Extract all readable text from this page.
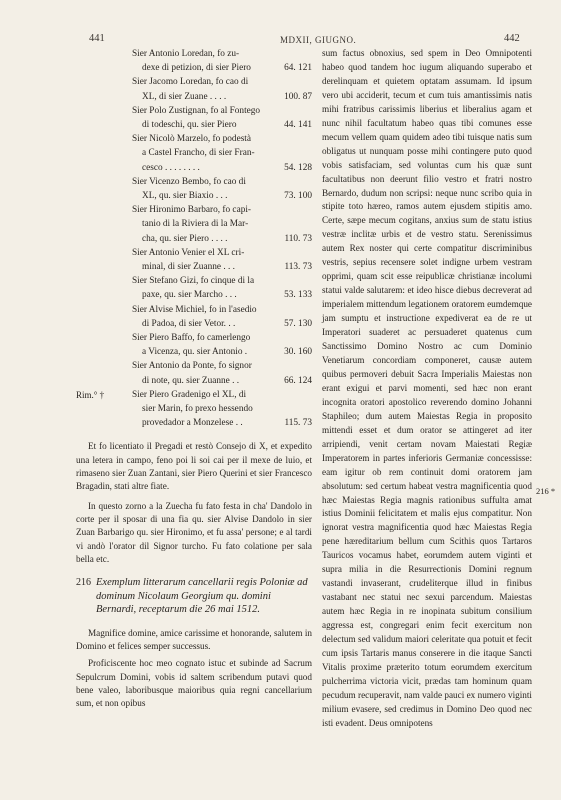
441	MDXII, GIUGNO.	442
Sier Antonio Loredan, fo zu-
dexe di petizion, di sier Piero	64. 121
Sier Jacomo Loredan, fo cao di
XL, di sier Zuane . . . .	100. 87
Sier Polo Zustignan, fo al Fontego
di todeschi, qu. sier Piero	44. 141
Sier Nicolò Marzelo, fo podestà
a Castel Francho, di sier Fran-
cesco . . . . . . . .	54. 128
Sier Vicenzo Bembo, fo cao di
XL, qu. sier Biaxio . . .	73. 100
Sier Hironimo Barbaro, fo capi-
tanio di la Riviera di la Mar-
cha, qu. sier Piero . . . .	110. 73
Sier Antonio Venier el XL cri-
minal, di sier Zuanne . . .	113. 73
Sier Stefano Gizi, fo cinque di la
paxe, qu. sier Marcho . . .	53. 133
Sier Alvise Michiel, fo in l'asedio
di Padoa, di sier Vetor. . .	57. 130
Sier Piero Baffo, fo camerlengo
a Vicenza, qu. sier Antonio .	30. 160
Sier Antonio da Ponte, fo signor
di note, qu. sier Zuanne . .	66. 124
Rim.° †	Sier Piero Gradenigo el XL, di
sier Marin, fo prexo hessendo
provedador a Monzelese . .	115. 73

Et fo licentiato il Pregadi et restò Consejo di X, et expedito una letera in campo, feno poi li soi cai per il mexe de luio, et rimaseno sier Zuan Zantani, sier Piero Querini et sier Francesco Bragadin, stati altre fiate.

In questo zorno a la Zuecha fu fato festa in cha' Dandolo in corte per il sposar di una fia qu. sier Alvise Dandolo in sier Zuan Barbarigo qu. sier Hironimo, et fu assa' persone; e al tardi vi andò l'orator dil Signor turcho. Fu fato colatione per sala bella etc.

216 Exemplum litterarum cancellarii regis Poloniæ ad dominum Nicolaum Georgium qu. domini Bernardi, receptarum die 26 mai 1512.

Magnifice domine, amice carissime et honorande, salutem in Domino et felices semper successus.

Proficiscente hoc meo cognato istuc et subinde ad Sacrum Sepulcrum Domini, vobis id saltem scribendum putavi quod bene valeo, laboribusque maioribus quia regni cancellarium sum, et non opibus

sum factus obnoxius, sed spem in Deo Omnipotenti habeo quod tandem hoc iugum aliquando superabo et derelinquam et quietem optatam assumam. Id ipsum vero ubi acciderit, tecum et cum tuis amantissimis natis mihi fratribus carissimis liberius et liberalius agam et nunc nihil facultatum habeo quas tibi comunes esse mecum vellem quam quidem adeo tibi tuisque natis sum obligatus ut nunquam posse mihi contingere puto quod vobis satisfaciam, sed voluntas cum his quæ sunt facultatibus non deerunt filio vestro et fratri nostro Bernardo, dudum non scripsi: neque nunc scribo quia in stipite toto hæreo, ramos autem ejusdem stipitis amo. Certe, sæpe mecum cogitans, anxius sum de statu istius vestræ inclitæ urbis et de vestro statu. Serenissimus autem Rex noster qui certe compatitur discriminibus vestris, sepius recensere solet indigne urbem vestram opprimi, quam scit esse reipublicæ christianæ incolumi statui valde salutarem: et ideo hisce diebus decreverat ad imperialem mittendum legationem oratorem eumdemque jam sumptu et instructione expediverat ea de re ut Imperatori suaderet ac persuaderet quatenus cum Sanctissimo Domino Nostro ac cum Dominio Venetiarum concordiam componeret, causæ autem quibus permoveri debuit Sacra Imperialis Maiestas non erant exigui et parvi momenti, sed hæc non erant incognita oratori apostolico reverendo domino Johanni Staphileo; dum autem Maiestas Regia in proposito mittendi esset et dum orator se attingeret ad iter arripiendi, venit certam novam Maiestati Regiæ Imperatorem in partes inferioris Germaniæ concessisse: eam igitur ob rem continuit domi oratorem jam absolutum: sed certum habeat vestra magnificentia quod hæc Maiestas Regia magnis rationibus suffulta amat istius Dominii felicitatem et malis ejus compatitur. Non ignorat vestra magnificentia quod hæc Maiestas Regia pene hæreditarium bellum cum Scithis quos Tartaros Tauricos vocamus habet, eorumdem autem viginti et supra milia in die Resurrectionis Domini regnum vastandi invaserant, crudeliterque illud in finibus vastabant nec statui nec sexui parcendum. Maiestas autem hæc Regia in re inopinata subitum consilium aggressa est, congregari enim fecit exercitum non delectum sed validum maiori celeritate qua potuit et fecit cum ipsis Tartaris manus conserere in die itaque Sancti Vitalis proxime præterito totum eorumdem exercitum pulcherrima victoria vicit, prædas tam hominum quam pecudum recuperavit, nam valde pauci ex numero viginti milium evasere, sed credimus in Domino Deo quod nec isti evadent. Deus omnipotens

216 *
